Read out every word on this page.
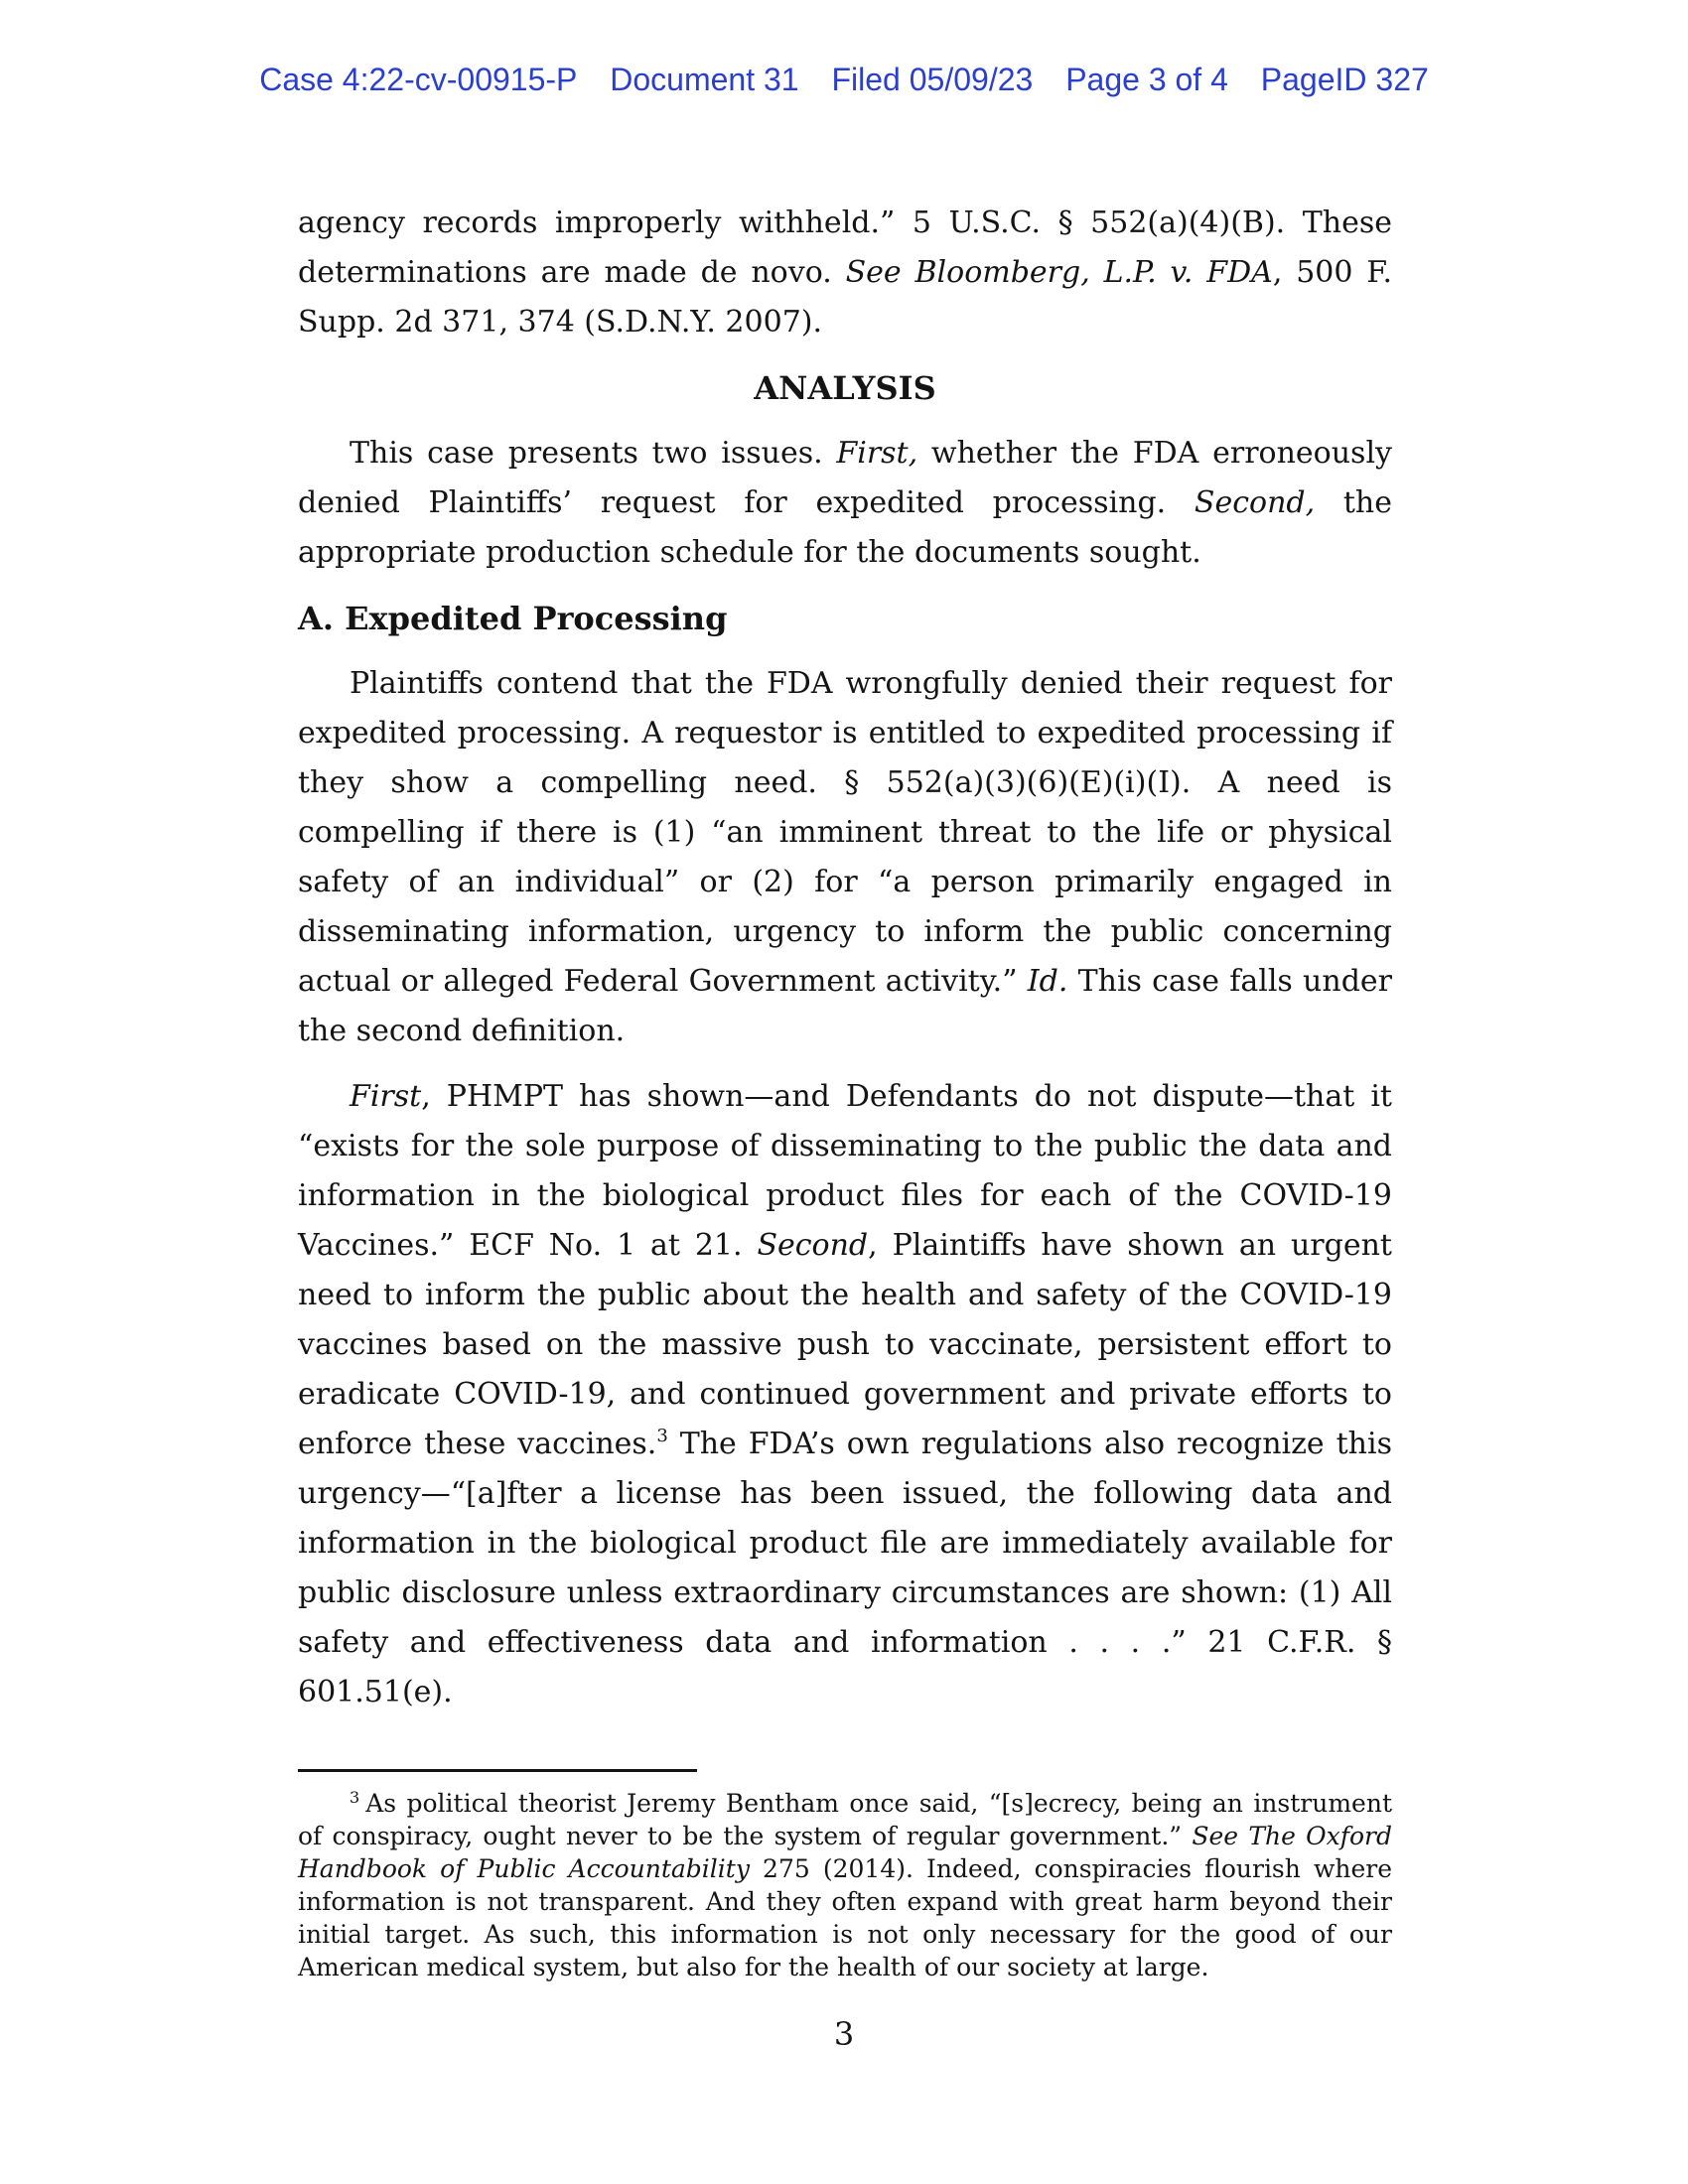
Case 4:22-cv-00915-P Document 31 Filed 05/09/23 Page 3 of 4 PageID 327

agency records improperly withheld.” 5 U.S.C. § 552(a)(4)(B). These determinations are made de novo. See Bloomberg, L.P. v. FDA, 500 F. Supp. 2d 371, 374 (S.D.N.Y. 2007).

ANALYSIS

This case presents two issues. First, whether the FDA erroneously denied Plaintiffs’ request for expedited processing. Second, the appropriate production schedule for the documents sought.

A. Expedited Processing

Plaintiffs contend that the FDA wrongfully denied their request for expedited processing. A requestor is entitled to expedited processing if they show a compelling need. § 552(a)(3)(6)(E)(i)(I). A need is compelling if there is (1) “an imminent threat to the life or physical safety of an individual” or (2) for “a person primarily engaged in disseminating information, urgency to inform the public concerning actual or alleged Federal Government activity.” Id. This case falls under the second definition.

First, PHMPT has shown—and Defendants do not dispute—that it “exists for the sole purpose of disseminating to the public the data and information in the biological product files for each of the COVID-19 Vaccines.” ECF No. 1 at 21. Second, Plaintiffs have shown an urgent need to inform the public about the health and safety of the COVID-19 vaccines based on the massive push to vaccinate, persistent effort to eradicate COVID-19, and continued government and private efforts to enforce these vaccines.$^3$ The FDA’s own regulations also recognize this urgency—“[a]fter a license has been issued, the following data and information in the biological product file are immediately available for public disclosure unless extraordinary circumstances are shown: (1) All safety and effectiveness data and information . . . .” 21 C.F.R. § 601.51(e).

$^3$ As political theorist Jeremy Bentham once said, “[s]ecrecy, being an instrument of conspiracy, ought never to be the system of regular government.” See The Oxford Handbook of Public Accountability 275 (2014). Indeed, conspiracies flourish where information is not transparent. And they often expand with great harm beyond their initial target. As such, this information is not only necessary for the good of our American medical system, but also for the health of our society at large.

3
